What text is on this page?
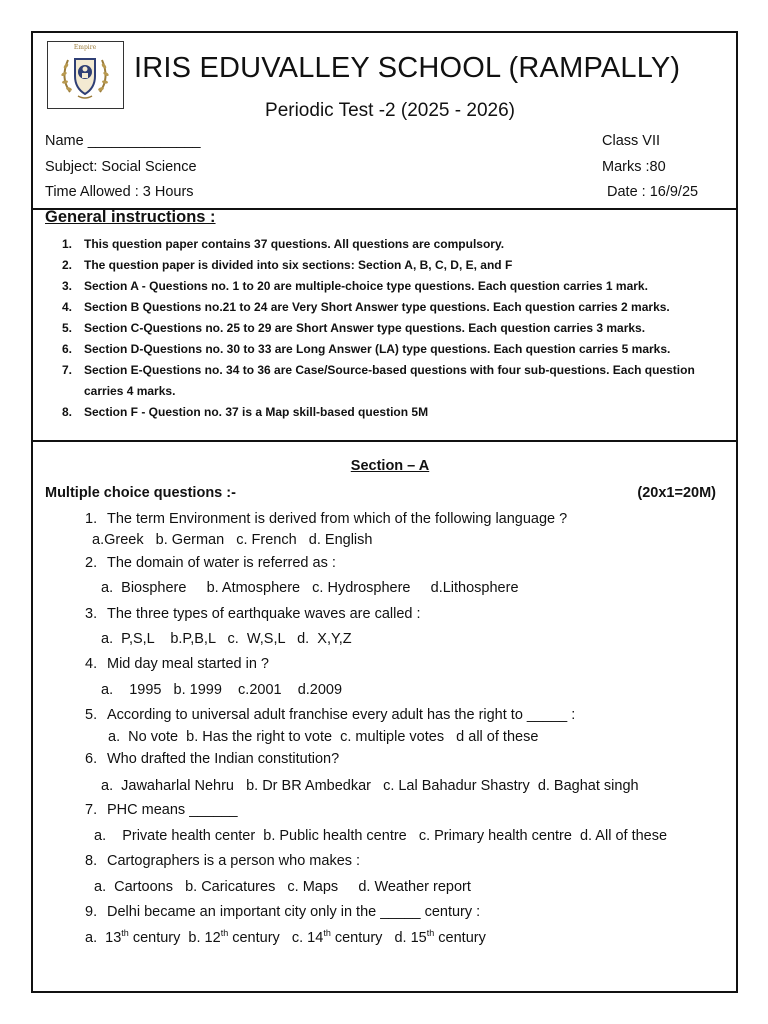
Empire
IRIS EDUVALLEY SCHOOL (RAMPALLY)
Periodic Test -2 (2025 - 2026)
Name ______________	Class VII
Subject: Social Science	Marks :80
Time Allowed : 3 Hours	Date : 16/9/25
General instructions :
1. This question paper contains 37 questions. All questions are compulsory.
2. The question paper is divided into six sections: Section A, B, C, D, E, and F
3. Section A - Questions no. 1 to 20 are multiple-choice type questions. Each question carries 1 mark.
4. Section B Questions no.21 to 24 are Very Short Answer type questions. Each question carries 2 marks.
5. Section C-Questions no. 25 to 29 are Short Answer type questions. Each question carries 3 marks.
6. Section D-Questions no. 30 to 33 are Long Answer (LA) type questions. Each question carries 5 marks.
7. Section E-Questions no. 34 to 36 are Case/Source-based questions with four sub-questions. Each question carries 4 marks.
8. Section F - Question no. 37 is a Map skill-based question 5M
Section – A
Multiple choice questions :-	(20x1=20M)
1. The term Environment is derived from which of the following language ?
a.Greek   b. German   c. French   d. English
2. The domain of water is referred as :
a.  Biosphere     b. Atmosphere   c. Hydrosphere     d.Lithosphere
3. The three types of earthquake waves are called :
a.  P,S,L    b.P,B,L   c.  W,S,L   d.  X,Y,Z
4. Mid day meal started in ?
a.    1995   b. 1999    c.2001    d.2009
5. According to universal adult franchise every adult has the right to _____ :
a.  No vote  b. Has the right to vote  c. multiple votes   d all of these
6. Who drafted the Indian constitution?
a.  Jawaharlal Nehru   b. Dr BR Ambedkar   c. Lal Bahadur Shastry  d. Baghat singh
7. PHC means ______
a.    Private health center  b. Public health centre   c. Primary health centre  d. All of these
8. Cartographers is a person who makes :
a.  Cartoons   b. Caricatures   c. Maps     d. Weather report
9. Delhi became an important city only in the _____ century :
a.  13th century  b. 12th century   c. 14th century   d. 15th century
